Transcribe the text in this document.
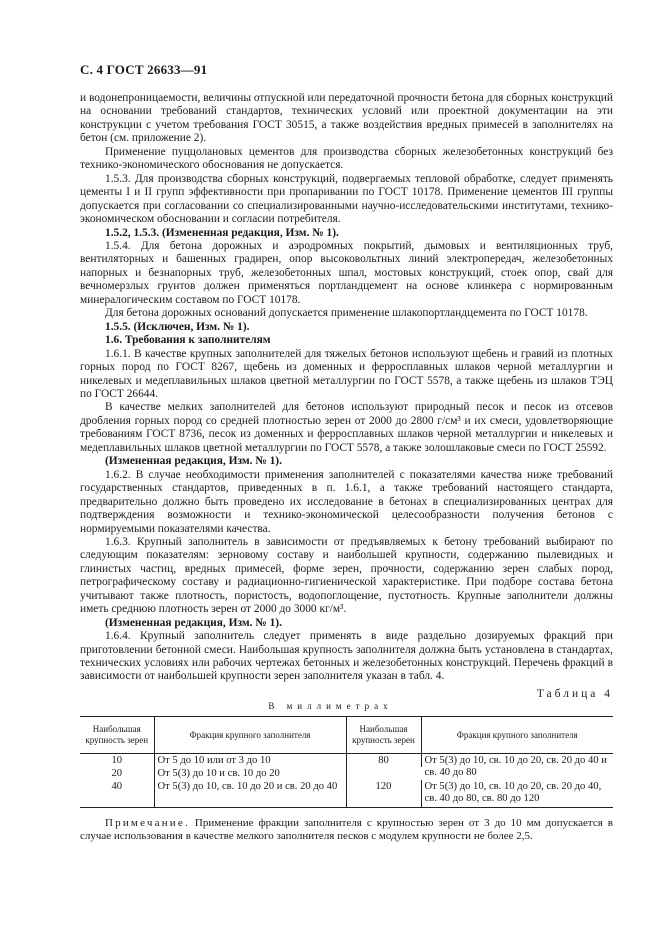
С. 4 ГОСТ 26633—91

и водонепроницаемости, величины отпускной или передаточной прочности бетона для сборных конструкций на основании требований стандартов, технических условий или проектной документации на эти конструкции с учетом требования ГОСТ 30515, а также воздействия вредных примесей в заполнителях на бетон (см. приложение 2).

Применение пуццолановых цементов для производства сборных железобетонных конструкций без технико-экономического обоснования не допускается.

1.5.3. Для производства сборных конструкций, подвергаемых тепловой обработке, следует применять цементы I и II групп эффективности при пропаривании по ГОСТ 10178. Применение цементов III группы допускается при согласовании со специализированными научно-исследовательскими институтами, технико-экономическом обосновании и согласии потребителя.

1.5.2, 1.5.3. (Измененная редакция, Изм. № 1).

1.5.4. Для бетона дорожных и аэродромных покрытий, дымовых и вентиляционных труб, вентиляторных и башенных градирен, опор высоковольтных линий электропередач, железобетонных напорных и безнапорных труб, железобетонных шпал, мостовых конструкций, стоек опор, свай для вечномерзлых грунтов должен применяться портландцемент на основе клинкера с нормированным минералогическим составом по ГОСТ 10178.

Для бетона дорожных оснований допускается применение шлакопортландцемента по ГОСТ 10178.

1.5.5. (Исключен, Изм. № 1).

1.6. Требования к заполнителям

1.6.1. В качестве крупных заполнителей для тяжелых бетонов используют щебень и гравий из плотных горных пород по ГОСТ 8267, щебень из доменных и ферросплавных шлаков черной металлургии и никелевых и медеплавильных шлаков цветной металлургии по ГОСТ 5578, а также щебень из шлаков ТЭЦ по ГОСТ 26644.

В качестве мелких заполнителей для бетонов используют природный песок и песок из отсевов дробления горных пород со средней плотностью зерен от 2000 до 2800 г/см³ и их смеси, удовлетворяющие требованиям ГОСТ 8736, песок из доменных и ферросплавных шлаков черной металлургии и никелевых и медеплавильных шлаков цветной металлургии по ГОСТ 5578, а также золошлаковые смеси по ГОСТ 25592.

(Измененная редакция, Изм. № 1).

1.6.2. В случае необходимости применения заполнителей с показателями качества ниже требований государственных стандартов, приведенных в п. 1.6.1, а также требований настоящего стандарта, предварительно должно быть проведено их исследование в бетонах в специализированных центрах для подтверждения возможности и технико-экономической целесообразности получения бетонов с нормируемыми показателями качества.

1.6.3. Крупный заполнитель в зависимости от предъявляемых к бетону требований выбирают по следующим показателям: зерновому составу и наибольшей крупности, содержанию пылевидных и глинистых частиц, вредных примесей, форме зерен, прочности, содержанию зерен слабых пород, петрографическому составу и радиационно-гигиенической характеристике. При подборе состава бетона учитывают также плотность, пористость, водопоглощение, пустотность. Крупные заполнители должны иметь среднюю плотность зерен от 2000 до 3000 кг/м³.

(Измененная редакция, Изм. № 1).

1.6.4. Крупный заполнитель следует применять в виде раздельно дозируемых фракций при приготовлении бетонной смеси. Наибольшая крупность заполнителя должна быть установлена в стандартах, технических условиях или рабочих чертежах бетонных и железобетонных конструкций. Перечень фракций в зависимости от наибольшей крупности зерен заполнителя указан в табл. 4.

Таблица 4
В миллиметрах
Наибольшая крупность зерен	Фракция крупного заполнителя	Наибольшая крупность зерен	Фракция крупного заполнителя
10	От 5 до 10 или от 3 до 10	80	От 5(3) до 10, св. 10 до 20, св. 20 до 40 и св. 40 до 80
20	От 5(3) до 10 и св. 10 до 20		
40	От 5(3) до 10, св. 10 до 20 и св. 20 до 40	120	От 5(3) до 10, св. 10 до 20, св. 20 до 40, св. 40 до 80, св. 80 до 120

Примечание. Применение фракции заполнителя с крупностью зерен от 3 до 10 мм допускается в случае использования в качестве мелкого заполнителя песков с модулем крупности не более 2,5.
